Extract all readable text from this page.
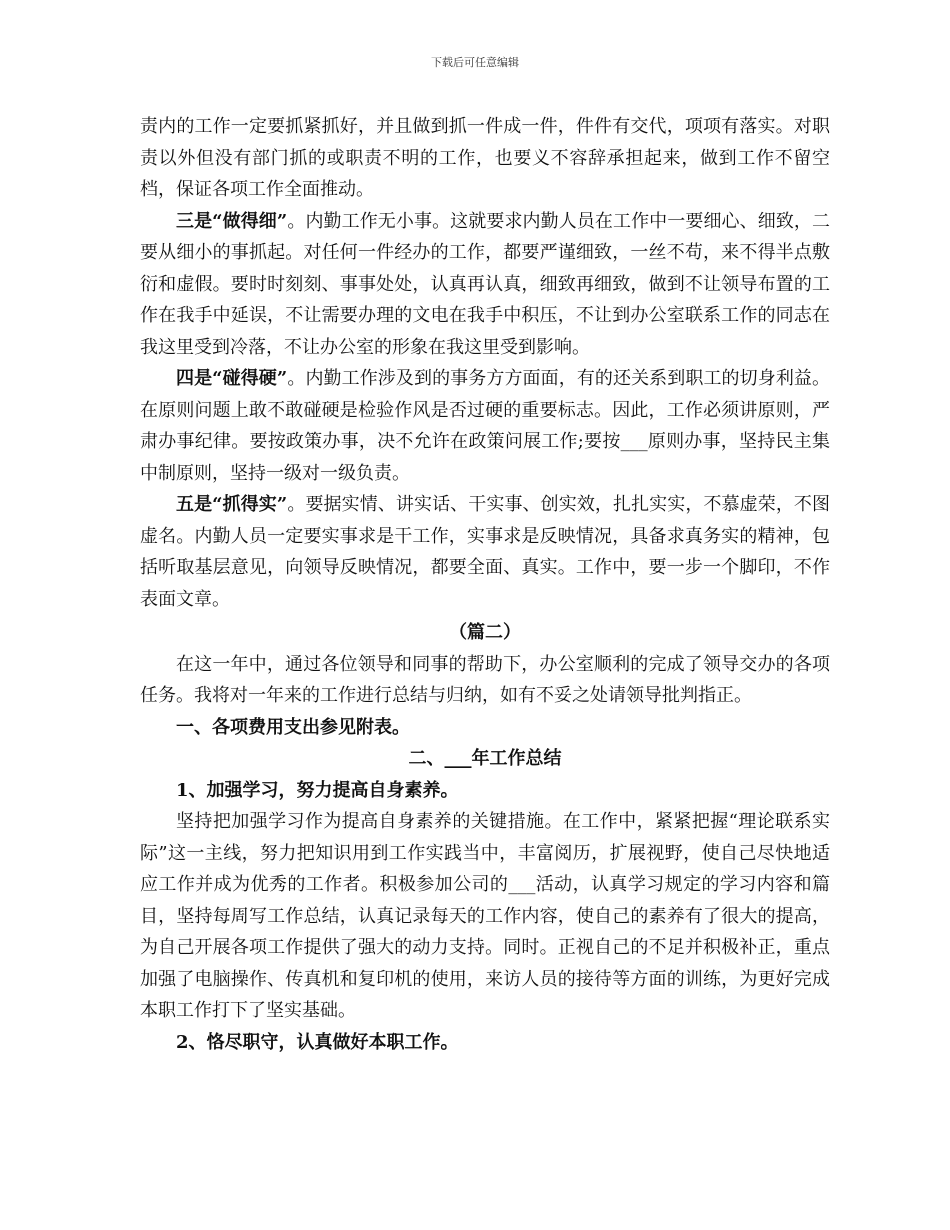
下载后可任意编辑

责内的工作一定要抓紧抓好，并且做到抓一件成一件，件件有交代，项项有落实。对职责以外但没有部门抓的或职责不明的工作，也要义不容辞承担起来，做到工作不留空档，保证各项工作全面推动。

三是“做得细”。内勤工作无小事。这就要求内勤人员在工作中一要细心、细致，二要从细小的事抓起。对任何一件经办的工作，都要严谨细致，一丝不苟，来不得半点敷衍和虚假。要时时刻刻、事事处处，认真再认真，细致再细致，做到不让领导布置的工作在我手中延误，不让需要办理的文电在我手中积压，不让到办公室联系工作的同志在我这里受到冷落，不让办公室的形象在我这里受到影响。

四是“碰得硬”。内勤工作涉及到的事务方方面面，有的还关系到职工的切身利益。在原则问题上敢不敢碰硬是检验作风是否过硬的重要标志。因此，工作必须讲原则，严肃办事纪律。要按政策办事，决不允许在政策问展工作;要按___原则办事，坚持民主集中制原则，坚持一级对一级负责。

五是“抓得实”。要据实情、讲实话、干实事、创实效，扎扎实实，不慕虚荣，不图虚名。内勤人员一定要实事求是干工作，实事求是反映情况，具备求真务实的精神，包括听取基层意见，向领导反映情况，都要全面、真实。工作中，要一步一个脚印，不作表面文章。

（篇二）

在这一年中，通过各位领导和同事的帮助下，办公室顺利的完成了领导交办的各项任务。我将对一年来的工作进行总结与归纳，如有不妥之处请领导批判指正。

一、各项费用支出参见附表。

二、___年工作总结

1、加强学习，努力提高自身素养。

坚持把加强学习作为提高自身素养的关键措施。在工作中，紧紧把握“理论联系实际”这一主线，努力把知识用到工作实践当中，丰富阅历，扩展视野，使自己尽快地适应工作并成为优秀的工作者。积极参加公司的___活动，认真学习规定的学习内容和篇目，坚持每周写工作总结，认真记录每天的工作内容，使自己的素养有了很大的提高，为自己开展各项工作提供了强大的动力支持。同时。正视自己的不足并积极补正，重点加强了电脑操作、传真机和复印机的使用，来访人员的接待等方面的训练，为更好完成本职工作打下了坚实基础。

2、恪尽职守，认真做好本职工作。
